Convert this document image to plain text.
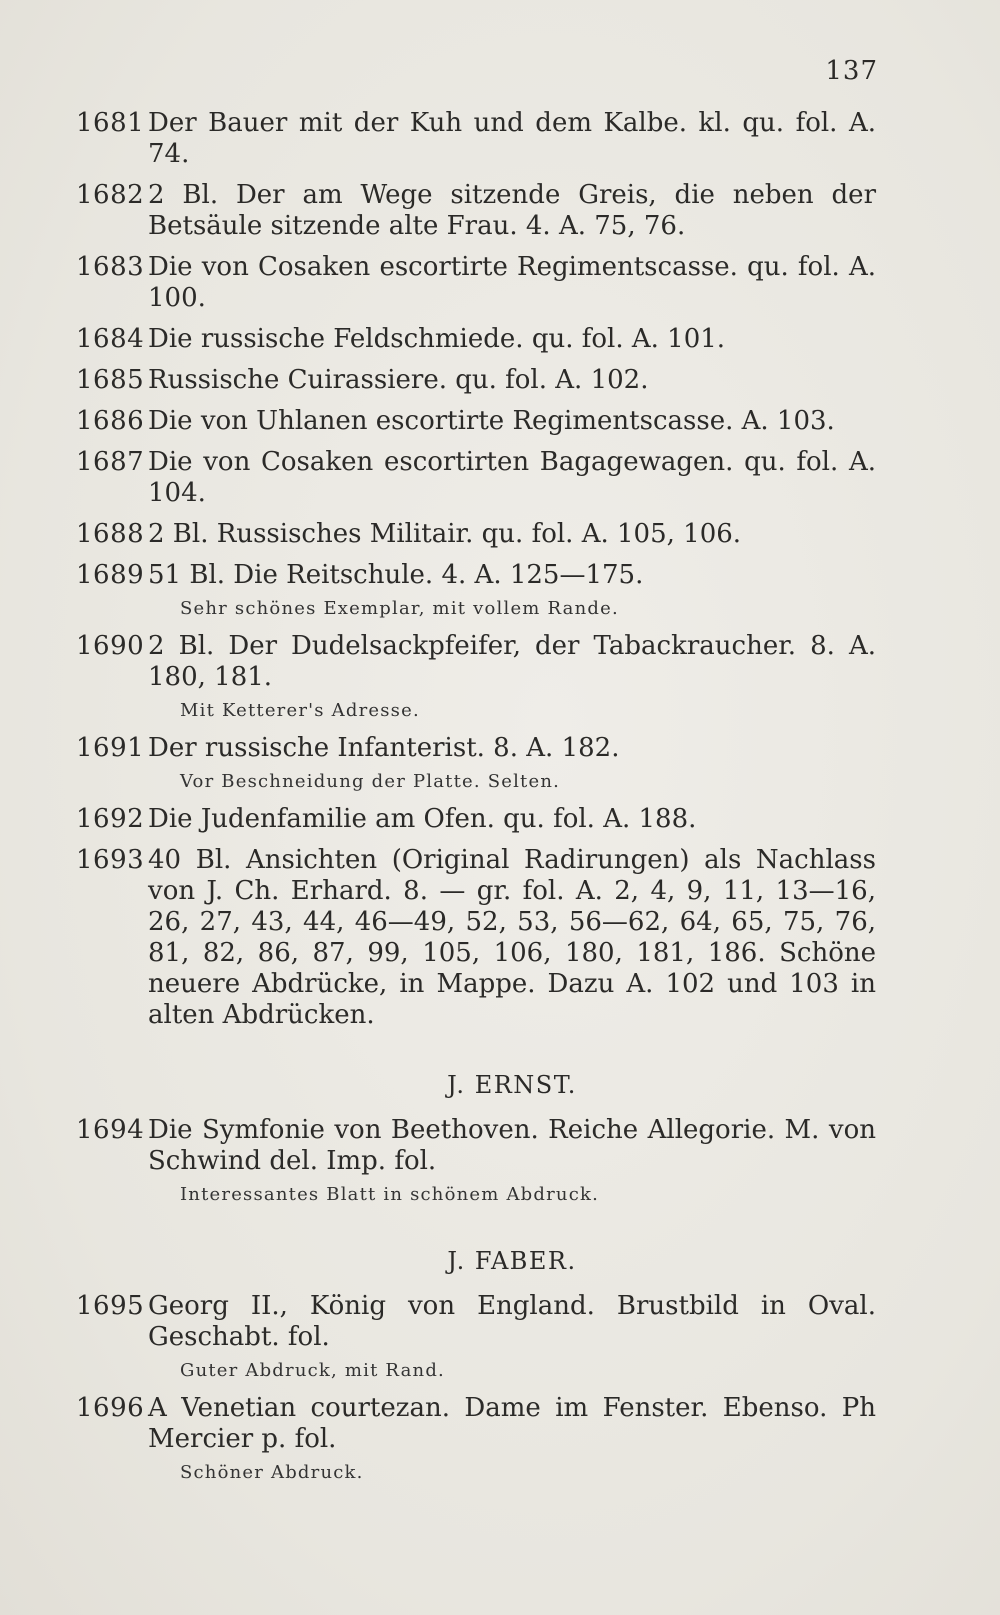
137
1681 Der Bauer mit der Kuh und dem Kalbe. kl. qu. fol. A. 74.
1682 2 Bl. Der am Wege sitzende Greis, die neben der Betsäule sitzende alte Frau. 4. A. 75, 76.
1683 Die von Cosaken escortirte Regimentscasse. qu. fol. A. 100.
1684 Die russische Feldschmiede. qu. fol. A. 101.
1685 Russische Cuirassiere. qu. fol. A. 102.
1686 Die von Uhlanen escortirte Regimentscasse. A. 103.
1687 Die von Cosaken escortirten Bagagewagen. qu. fol. A. 104.
1688 2 Bl. Russisches Militair. qu. fol. A. 105, 106.
1689 51 Bl. Die Reitschule. 4. A. 125—175.
Sehr schönes Exemplar, mit vollem Rande.
1690 2 Bl. Der Dudelsackpfeifer, der Tabackraucher. 8. A. 180, 181.
Mit Ketterer's Adresse.
1691 Der russische Infanterist. 8. A. 182.
Vor Beschneidung der Platte. Selten.
1692 Die Judenfamilie am Ofen. qu. fol. A. 188.
1693 40 Bl. Ansichten (Original Radirungen) als Nachlass von J. Ch. Erhard. 8. — gr. fol. A. 2, 4, 9, 11, 13—16, 26, 27, 43, 44, 46—49, 52, 53, 56—62, 64, 65, 75, 76, 81, 82, 86, 87, 99, 105, 106, 180, 181, 186. Schöne neuere Abdrücke, in Mappe. Dazu A. 102 und 103 in alten Abdrücken.
J. ERNST.
1694 Die Symfonie von Beethoven. Reiche Allegorie. M. von Schwind del. Imp. fol.
Interessantes Blatt in schönem Abdruck.
J. FABER.
1695 Georg II., König von England. Brustbild in Oval. Geschabt. fol.
Guter Abdruck, mit Rand.
1696 A Venetian courtezan. Dame im Fenster. Ebenso. Ph Mercier p. fol.
Schöner Abdruck.
